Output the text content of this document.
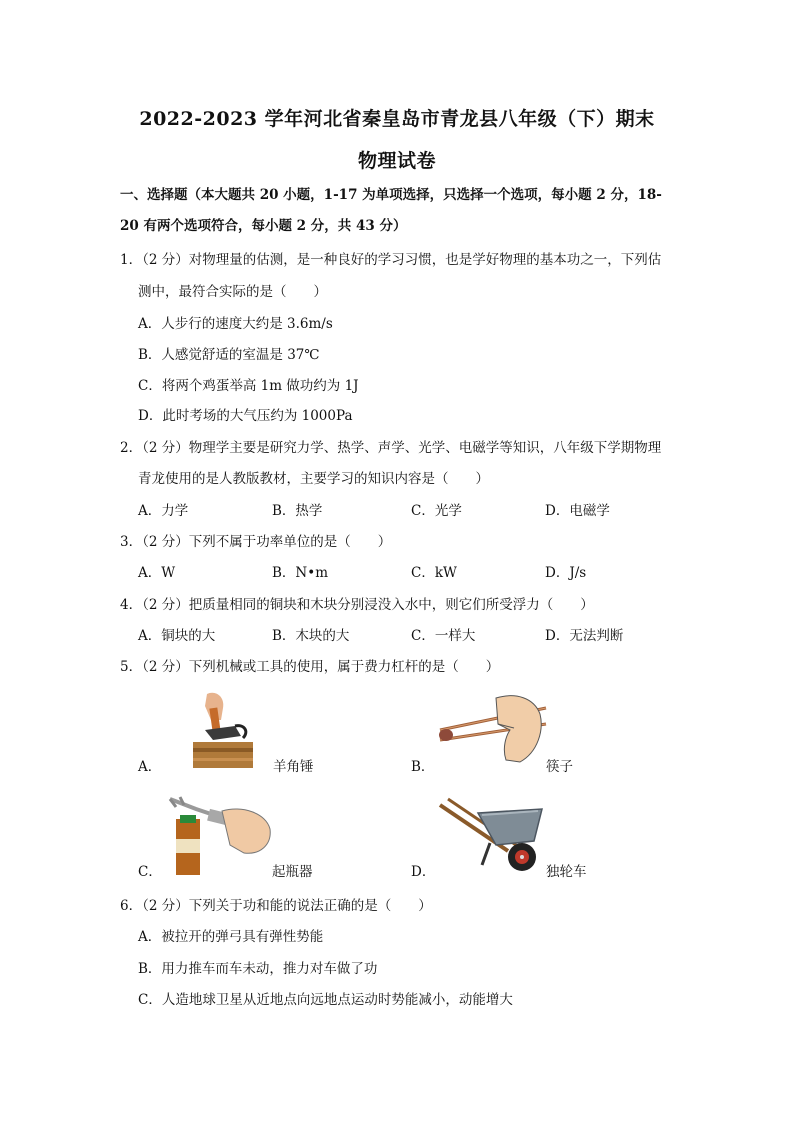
2022-2023 学年河北省秦皇岛市青龙县八年级（下）期末
物理试卷
一、选择题（本大题共 20 小题，1-17 为单项选择，只选择一个选项，每小题 2 分，18-20 有两个选项符合，每小题 2 分，共 43 分）
1．（2 分）对物理量的估测，是一种良好的学习习惯，也是学好物理的基本功之一，下列估
测中，最符合实际的是（　　）
A．人步行的速度大约是 3.6m/s
B．人感觉舒适的室温是 37℃
C．将两个鸡蛋举高 1m 做功约为 1J
D．此时考场的大气压约为 1000Pa
2．（2 分）物理学主要是研究力学、热学、声学、光学、电磁学等知识，八年级下学期物理
青龙使用的是人教版教材，主要学习的知识内容是（　　）
A．力学	B．热学	C．光学	D．电磁学
3．（2 分）下列不属于功率单位的是（　　）
A．W	B．N•m	C．kW	D．J/s
4．（2 分）把质量相同的铜块和木块分别浸没入水中，则它们所受浮力（　　）
A．铜块的大	B．木块的大	C．一样大	D．无法判断
5．（2 分）下列机械或工具的使用，属于费力杠杆的是（　　）
A．	羊角锤	B．	筷子
C．	起瓶器	D．	独轮车
6．（2 分）下列关于功和能的说法正确的是（　　）
A．被拉开的弹弓具有弹性势能
B．用力推车而车未动，推力对车做了功
C．人造地球卫星从近地点向远地点运动时势能减小，动能增大
